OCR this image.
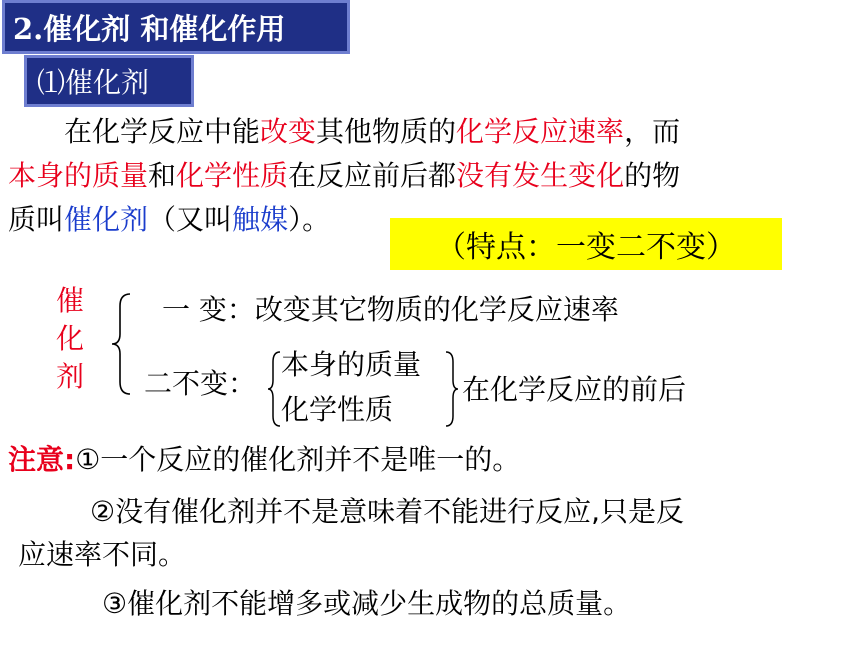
2.催化剂 和催化作用
⑴催化剂
在化学反应中能改变其他物质的化学反应速率，而
本身的质量和化学性质在反应前后都没有发生变化的物
质叫催化剂（又叫触媒）。
（特点：一变二不变）
催
化
剂
一 变：改变其它物质的化学反应速率
二不变：
本身的质量
化学性质
在化学反应的前后
注意:①一个反应的催化剂并不是唯一的。
②没有催化剂并不是意味着不能进行反应,只是反
应速率不同。
③催化剂不能增多或减少生成物的总质量。
